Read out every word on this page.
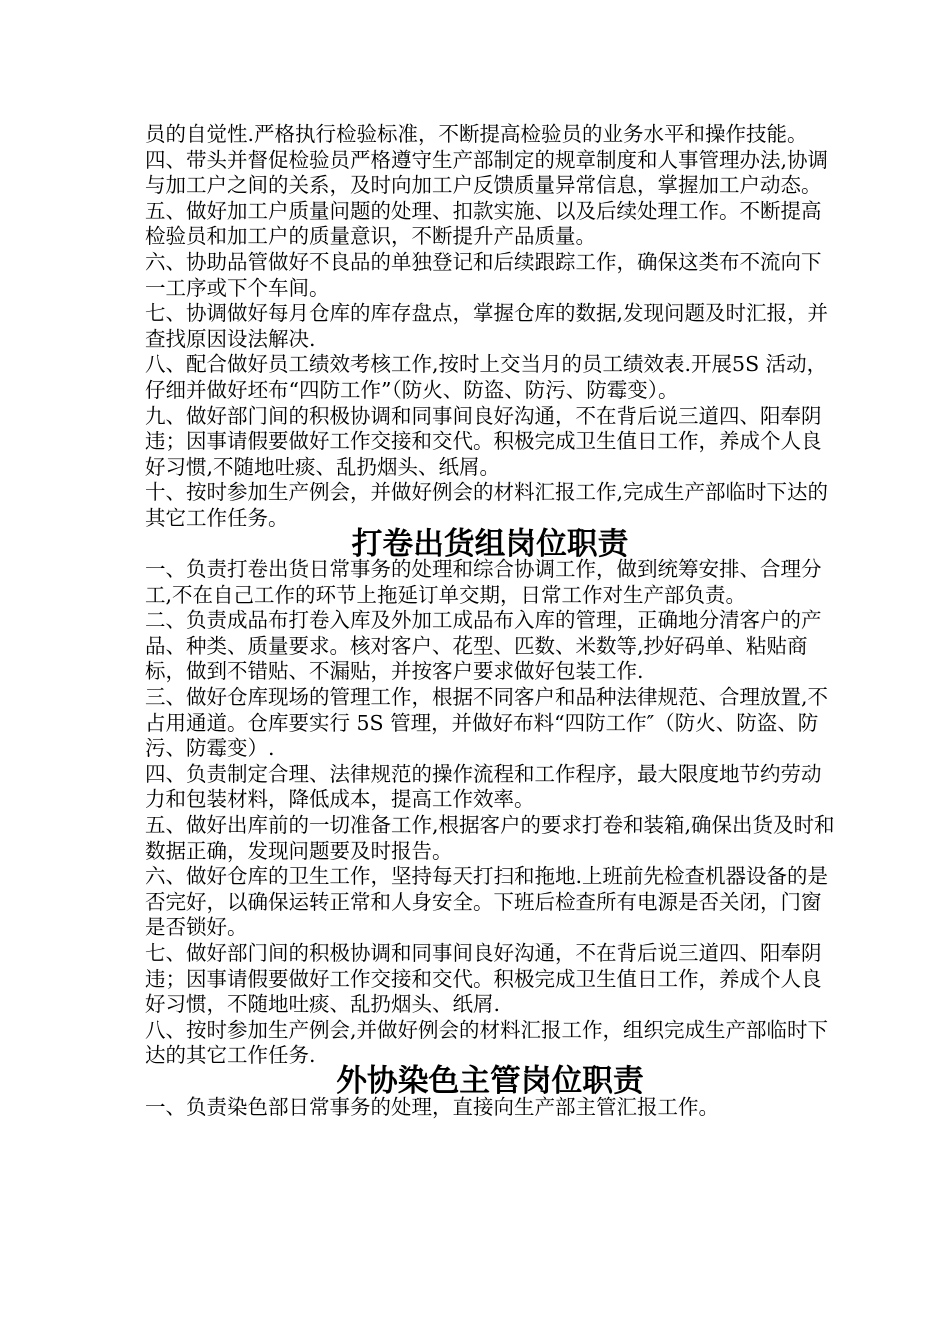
员的自觉性.严格执行检验标准，不断提高检验员的业务水平和操作技能。

四、带头并督促检验员严格遵守生产部制定的规章制度和人事管理办法,协调与加工户之间的关系，及时向加工户反馈质量异常信息，掌握加工户动态。

五、做好加工户质量问题的处理、扣款实施、以及后续处理工作。不断提高检验员和加工户的质量意识，不断提升产品质量。

六、协助品管做好不良品的单独登记和后续跟踪工作，确保这类布不流向下一工序或下个车间。

七、协调做好每月仓库的库存盘点，掌握仓库的数据,发现问题及时汇报，并查找原因设法解决.

八、配合做好员工绩效考核工作,按时上交当月的员工绩效表.开展5S 活动，仔细并做好坯布“四防工作”（防火、防盗、防污、防霉变）。

九、做好部门间的积极协调和同事间良好沟通，不在背后说三道四、阳奉阴违；因事请假要做好工作交接和交代。积极完成卫生值日工作，养成个人良好习惯,不随地吐痰、乱扔烟头、纸屑。

十、按时参加生产例会，并做好例会的材料汇报工作,完成生产部临时下达的其它工作任务。

打卷出货组岗位职责

一、负责打卷出货日常事务的处理和综合协调工作，做到统筹安排、合理分工,不在自己工作的环节上拖延订单交期，日常工作对生产部负责。

二、负责成品布打卷入库及外加工成品布入库的管理，正确地分清客户的产品、种类、质量要求。核对客户、花型、匹数、米数等,抄好码单、粘贴商标，做到不错贴、不漏贴，并按客户要求做好包装工作.

三、做好仓库现场的管理工作，根据不同客户和品种法律规范、合理放置,不占用通道。仓库要实行 5S 管理，并做好布料“四防工作″（防火、防盗、防污、防霉变）.

四、负责制定合理、法律规范的操作流程和工作程序，最大限度地节约劳动力和包装材料，降低成本，提高工作效率。

五、做好出库前的一切准备工作,根据客户的要求打卷和装箱,确保出货及时和数据正确，发现问题要及时报告。

六、做好仓库的卫生工作，坚持每天打扫和拖地.上班前先检查机器设备的是否完好，以确保运转正常和人身安全。下班后检查所有电源是否关闭，门窗是否锁好。

七、做好部门间的积极协调和同事间良好沟通，不在背后说三道四、阳奉阴违；因事请假要做好工作交接和交代。积极完成卫生值日工作，养成个人良好习惯，不随地吐痰、乱扔烟头、纸屑.

八、按时参加生产例会,并做好例会的材料汇报工作，组织完成生产部临时下达的其它工作任务.

外协染色主管岗位职责

一、负责染色部日常事务的处理，直接向生产部主管汇报工作。
